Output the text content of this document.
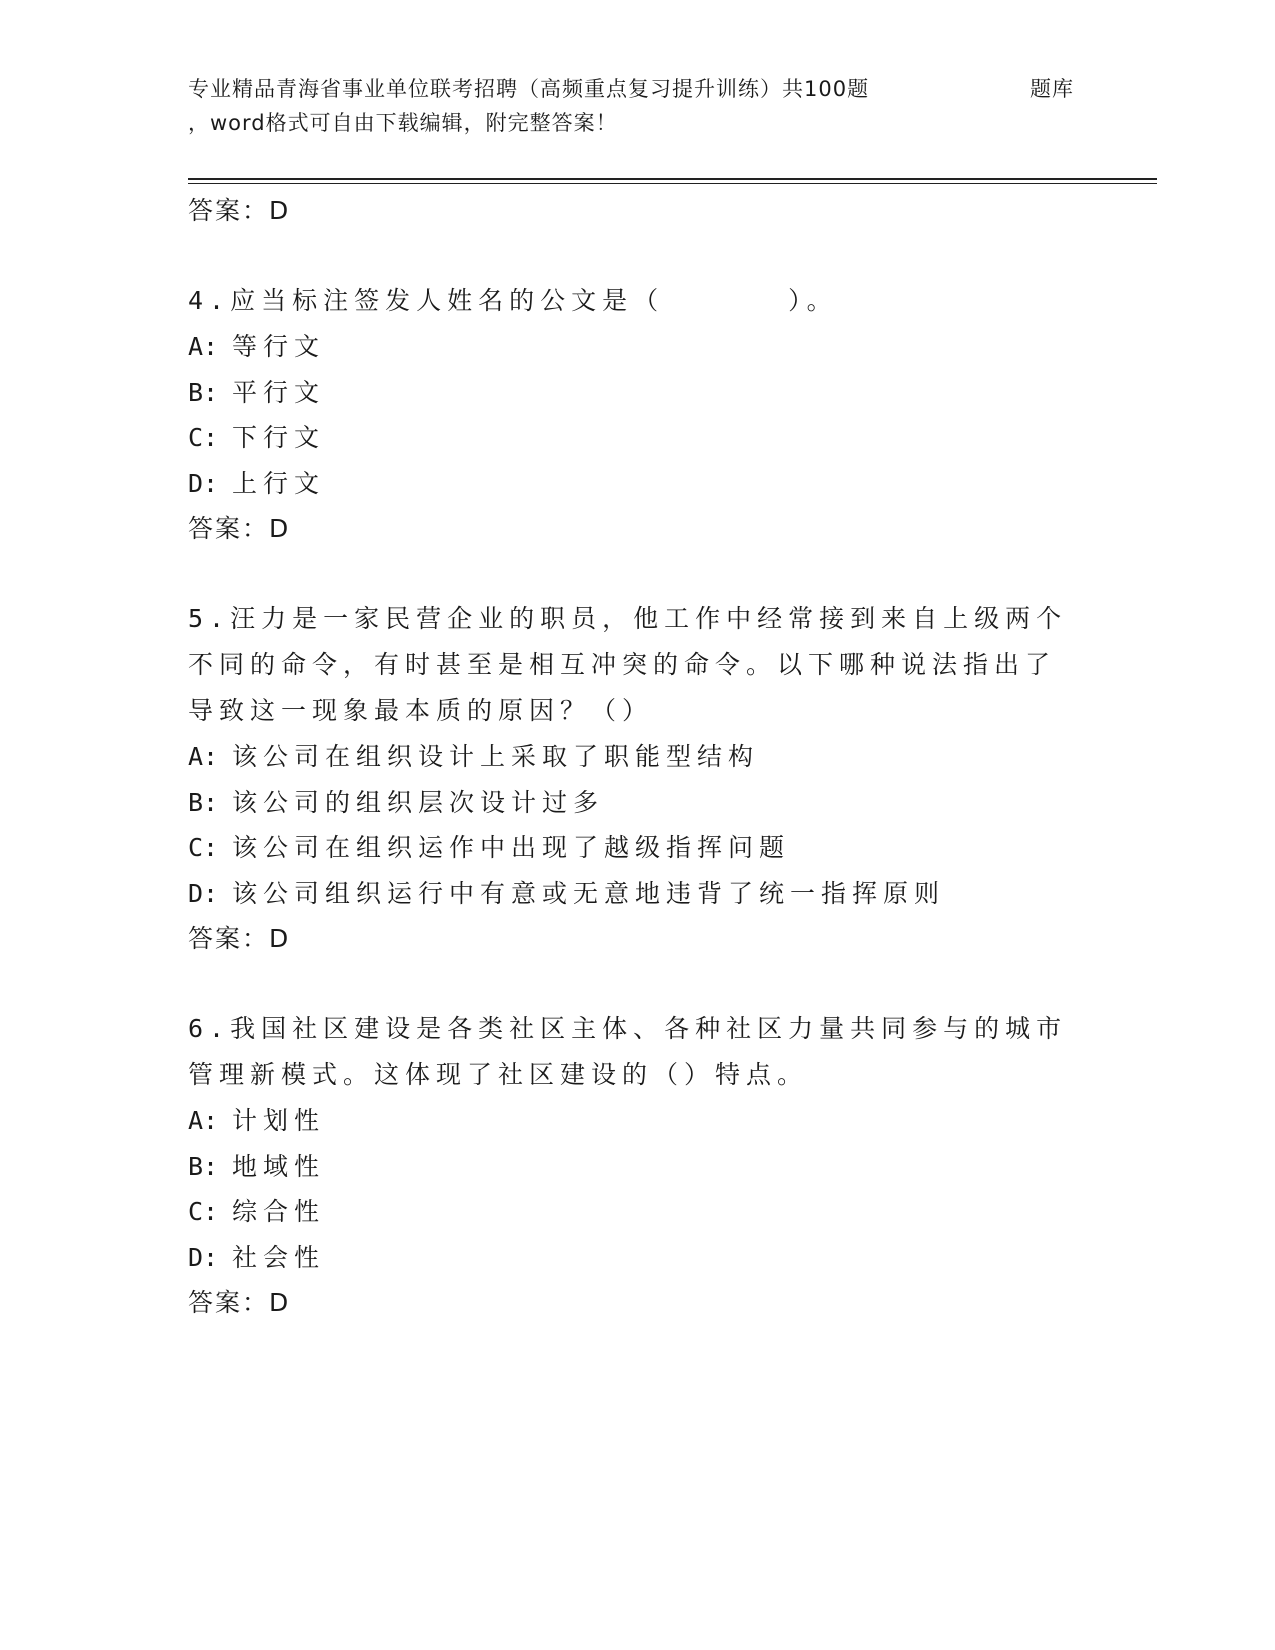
专业精品青海省事业单位联考招聘（高频重点复习提升训练）共100题	题库
，word格式可自由下载编辑，附完整答案！
答案：D
4.应当标注签发人姓名的公文是（　　　　）。
A: 等行文
B: 平行文
C: 下行文
D: 上行文
答案：D
5.汪力是一家民营企业的职员，他工作中经常接到来自上级两个不同的命令，有时甚至是相互冲突的命令。以下哪种说法指出了导致这一现象最本质的原因？（）
A: 该公司在组织设计上采取了职能型结构
B: 该公司的组织层次设计过多
C: 该公司在组织运作中出现了越级指挥问题
D: 该公司组织运行中有意或无意地违背了统一指挥原则
答案：D
6.我国社区建设是各类社区主体、各种社区力量共同参与的城市管理新模式。这体现了社区建设的（）特点。
A: 计划性
B: 地域性
C: 综合性
D: 社会性
答案：D
